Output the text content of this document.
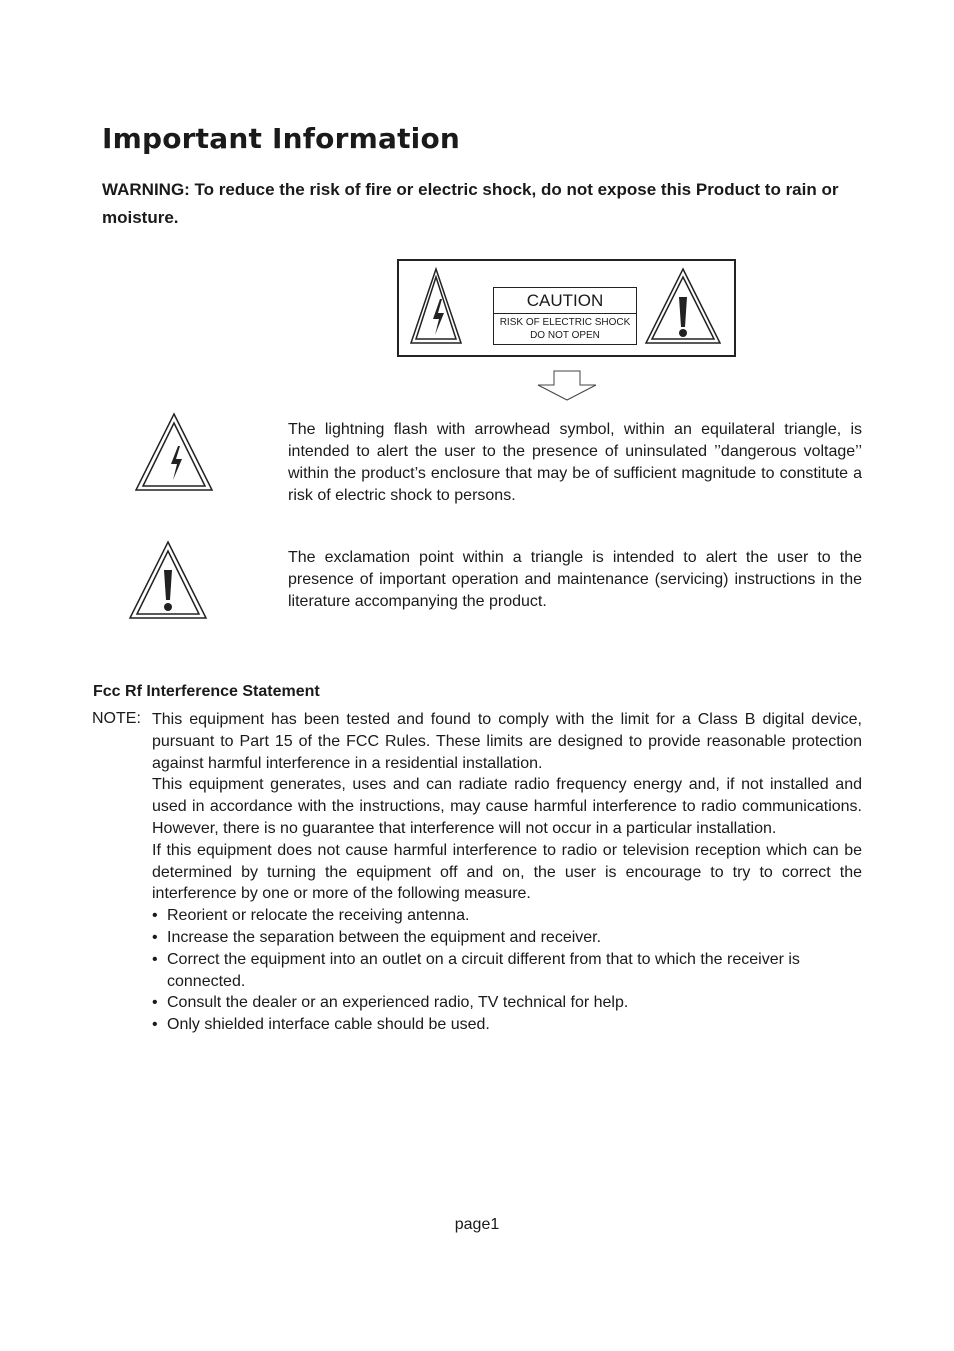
Important Information
WARNING: To reduce the risk of fire or electric shock, do not expose this Product to rain or moisture.
CAUTION
RISK OF ELECTRIC SHOCK
DO NOT OPEN
The lightning flash with arrowhead symbol, within an equilateral triangle, is intended to alert the user to the presence of uninsulated ’’dangerous voltage’’ within the product’s enclosure that may be of sufficient magnitude to constitute a risk of electric shock to persons.
The exclamation point within a triangle is intended to alert the user to the presence of important operation and maintenance (servicing) instructions in the literature accompanying the product.
Fcc Rf Interference Statement
NOTE: This equipment has been tested and found to comply with the limit for a Class B digital device, pursuant to Part 15 of the FCC Rules. These limits are designed to provide reasonable protection against harmful interference in a residential installation.

This equipment generates, uses and can radiate radio frequency energy and, if not installed and used in accordance with the instructions, may cause harmful interference to radio communications. However, there is no guarantee that interference will not occur in a particular installation.

If this equipment does not cause harmful interference to radio or television reception which can be determined by turning the equipment off and on, the user is encourage to try to correct the interference by one or more of the following measure.

• Reorient or relocate the receiving antenna.

• Increase the separation between the equipment and receiver.

• Correct the equipment into an outlet on a circuit different from that to which the receiver is connected.

• Consult the dealer or an experienced radio, TV technical for help.

• Only shielded interface cable should be used.

page1
